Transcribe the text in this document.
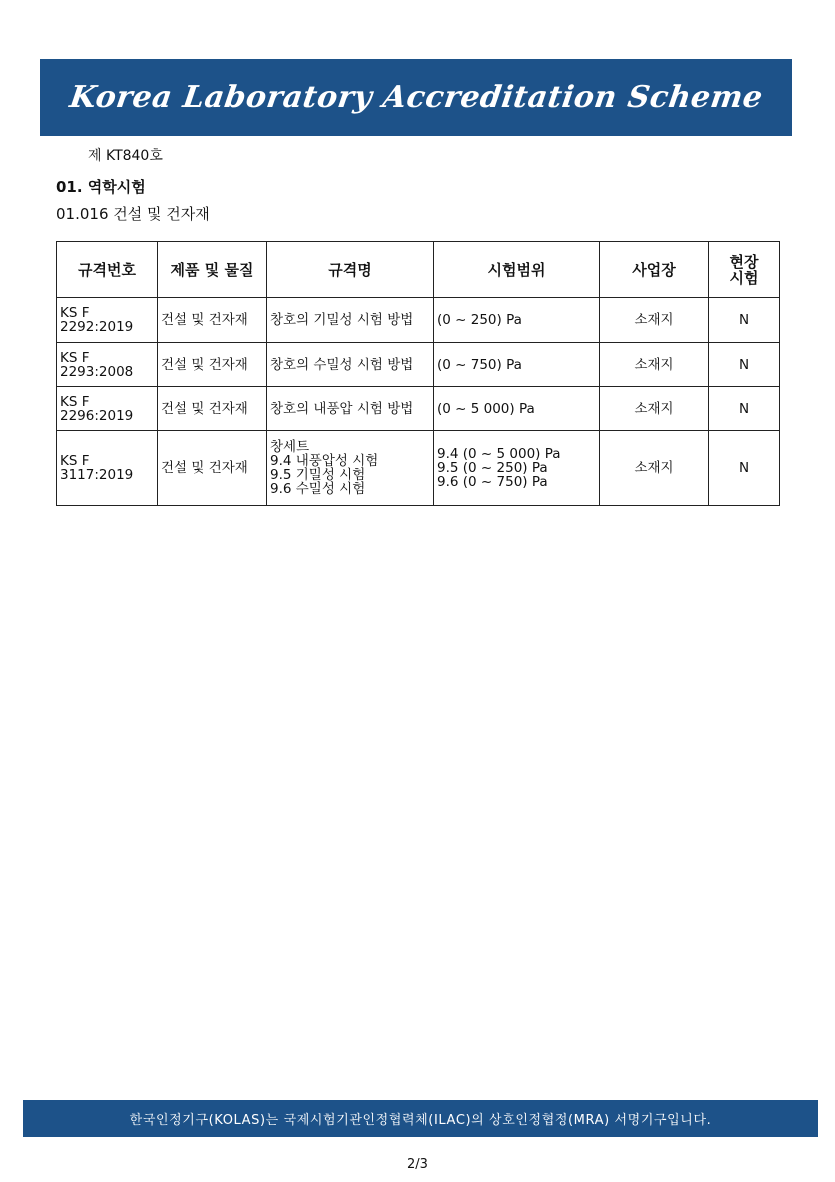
Korea Laboratory Accreditation Scheme
제 KT840호
01. 역학시험
01.016 건설 및 건자재
규격번호	제품 및 물질	규격명	시험범위	사업장	현장 시험

KS F
2292:2019	건설 및 건자재	창호의 기밀성 시험 방법	(0 ~ 250) Pa	소재지	N

KS F
2293:2008	건설 및 건자재	창호의 수밀성 시험 방법	(0 ~ 750) Pa	소재지	N

KS F
2296:2019	건설 및 건자재	창호의 내풍압 시험 방법	(0 ~ 5 000) Pa	소재지	N

KS F
3117:2019	건설 및 건자재	창세트
9.4 내풍압성 시험
9.5 기밀성 시험
9.6 수밀성 시험	9.4 (0 ~ 5 000) Pa
9.5 (0 ~ 250) Pa
9.6 (0 ~ 750) Pa	소재지	N
한국인정기구(KOLAS)는 국제시험기관인정협력체(ILAC)의 상호인정협정(MRA) 서명기구입니다.
2/3
